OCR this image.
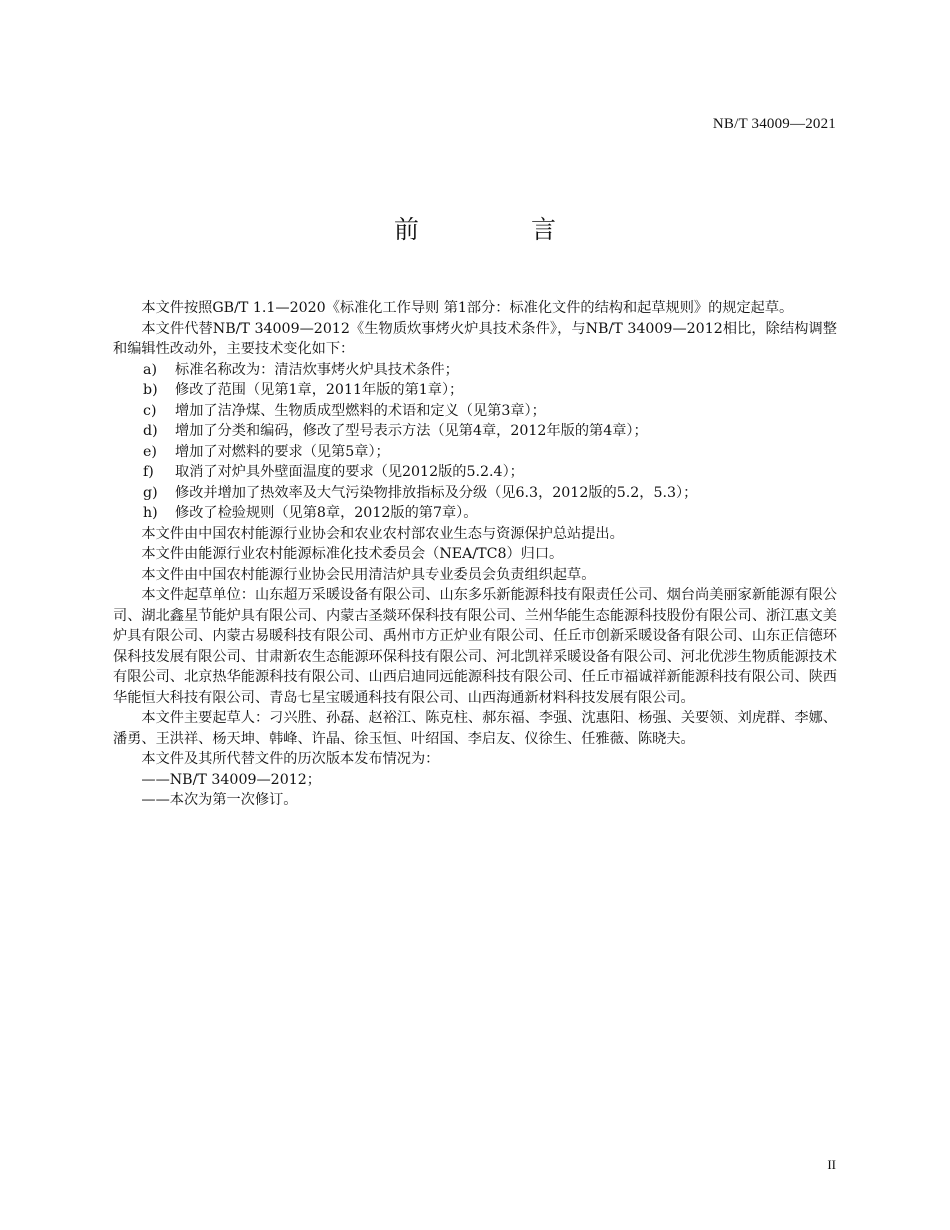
NB/T 34009—2021
前 言

本文件按照GB/T 1.1—2020《标准化工作导则 第1部分：标准化文件的结构和起草规则》的规定起草。

本文件代替NB/T 34009—2012《生物质炊事烤火炉具技术条件》，与NB/T 34009—2012相比，除结构调整和编辑性改动外，主要技术变化如下：

a)	标准名称改为：清洁炊事烤火炉具技术条件；
b)	修改了范围（见第1章，2011年版的第1章）；
c)	增加了洁净煤、生物质成型燃料的术语和定义（见第3章）；
d)	增加了分类和编码，修改了型号表示方法（见第4章，2012年版的第4章）；
e)	增加了对燃料的要求（见第5章）；
f)	取消了对炉具外壁面温度的要求（见2012版的5.2.4）；
g)	修改并增加了热效率及大气污染物排放指标及分级（见6.3，2012版的5.2，5.3）；
h)	修改了检验规则（见第8章，2012版的第7章）。

本文件由中国农村能源行业协会和农业农村部农业生态与资源保护总站提出。

本文件由能源行业农村能源标准化技术委员会（NEA/TC8）归口。

本文件由中国农村能源行业协会民用清洁炉具专业委员会负责组织起草。

本文件起草单位：山东超万采暖设备有限公司、山东多乐新能源科技有限责任公司、烟台尚美丽家新能源有限公司、湖北鑫星节能炉具有限公司、内蒙古圣燚环保科技有限公司、兰州华能生态能源科技股份有限公司、浙江惠文美炉具有限公司、内蒙古易暖科技有限公司、禹州市方正炉业有限公司、任丘市创新采暖设备有限公司、山东正信德环保科技发展有限公司、甘肃新农生态能源环保科技有限公司、河北凯祥采暖设备有限公司、河北优涉生物质能源技术有限公司、北京热华能源科技有限公司、山西启迪同远能源科技有限公司、任丘市福诚祥新能源科技有限公司、陕西华能恒大科技有限公司、青岛七星宝暖通科技有限公司、山西海通新材料科技发展有限公司。

本文件主要起草人：刁兴胜、孙磊、赵裕江、陈克柱、郝东福、李强、沈惠阳、杨强、关要领、刘虎群、李娜、潘勇、王洪祥、杨天坤、韩峰、许晶、徐玉恒、叶绍国、李启友、仪徐生、任雅薇、陈晓夫。

本文件及其所代替文件的历次版本发布情况为：

——NB/T 34009—2012；
——本次为第一次修订。
II
